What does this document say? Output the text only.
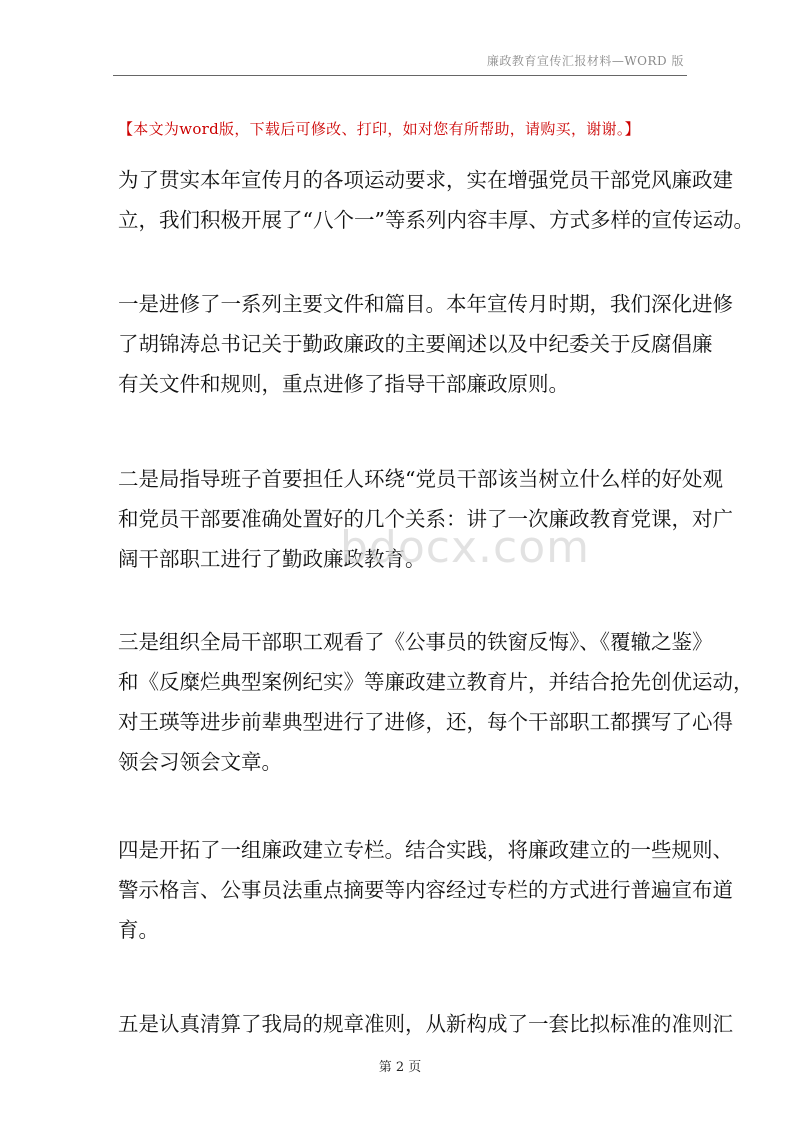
廉政教育宣传汇报材料—WORD 版
【本文为word版，下载后可修改、打印，如对您有所帮助，请购买，谢谢。】

为了贯实本年宣传月的各项运动要求，实在增强党员干部党风廉政建
立，我们积极开展了“八个一”等系列内容丰厚、方式多样的宣传运动。

一是进修了一系列主要文件和篇目。本年宣传月时期，我们深化进修
了胡锦涛总书记关于勤政廉政的主要阐述以及中纪委关于反腐倡廉
有关文件和规则，重点进修了指导干部廉政原则。

二是局指导班子首要担任人环绕“党员干部该当树立什么样的好处观
和党员干部要准确处置好的几个关系：讲了一次廉政教育党课，对广
阔干部职工进行了勤政廉政教育。

三是组织全局干部职工观看了《公事员的铁窗反悔》、《覆辙之鉴》
和《反糜烂典型案例纪实》等廉政建立教育片，并结合抢先创优运动，
对王瑛等进步前辈典型进行了进修，还，每个干部职工都撰写了心得
领会习领会文章。

四是开拓了一组廉政建立专栏。结合实践，将廉政建立的一些规则、
警示格言、公事员法重点摘要等内容经过专栏的方式进行普遍宣布道
育。

五是认真清算了我局的规章准则，从新构成了一套比拟标准的准则汇

bdocx.com
第 2 页
